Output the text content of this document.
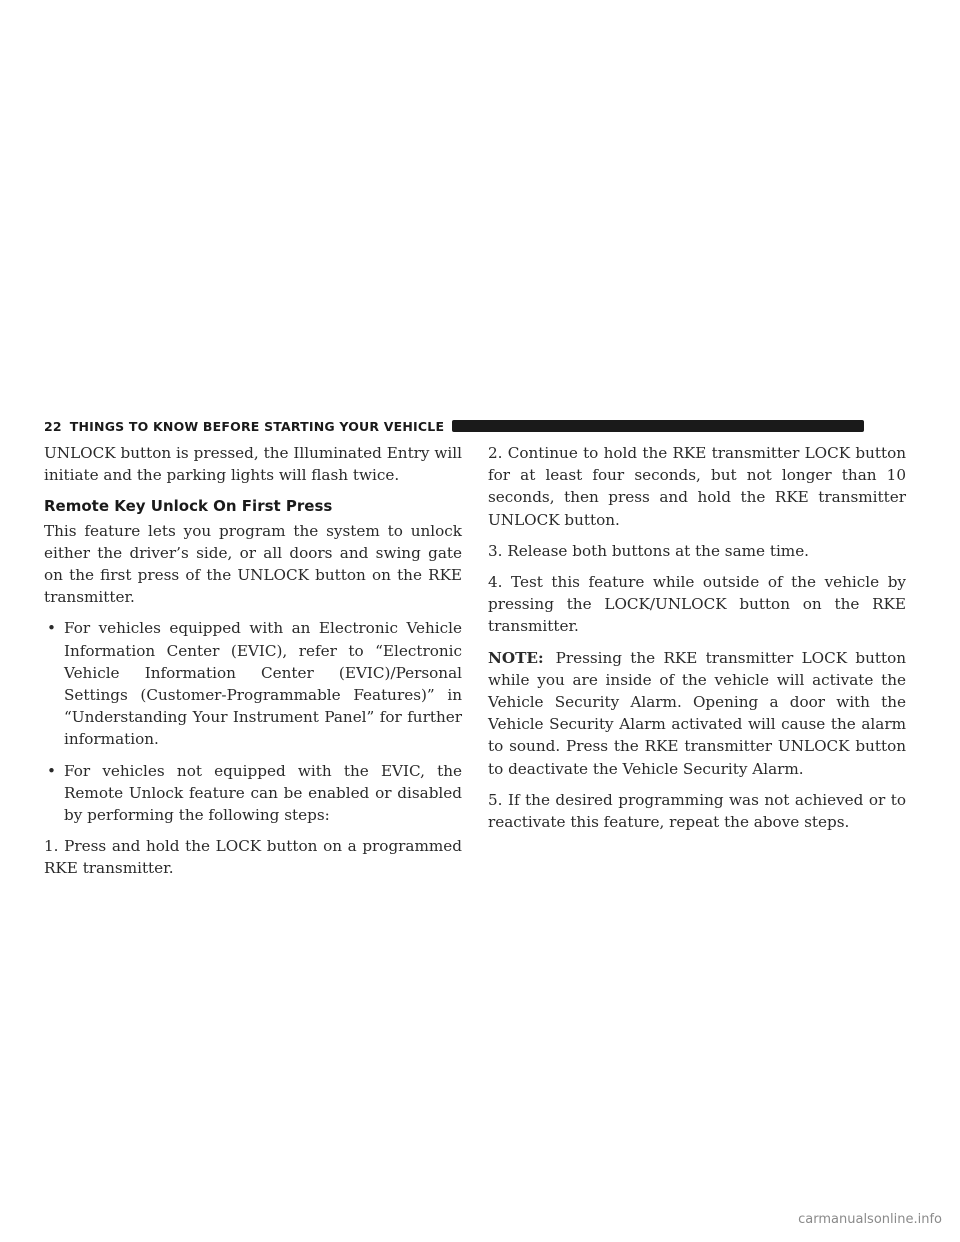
22 THINGS TO KNOW BEFORE STARTING YOUR VEHICLE

UNLOCK button is pressed, the Illuminated Entry will initiate and the parking lights will flash twice.

Remote Key Unlock On First Press

This feature lets you program the system to unlock either the driver’s side, or all doors and swing gate on the first press of the UNLOCK button on the RKE transmitter.

• For vehicles equipped with an Electronic Vehicle Information Center (EVIC), refer to “Electronic Vehicle Information Center (EVIC)/Personal Settings (Customer-Programmable Features)” in “Understanding Your Instrument Panel” for further information.
• For vehicles not equipped with the EVIC, the Remote Unlock feature can be enabled or disabled by performing the following steps:

1. Press and hold the LOCK button on a programmed RKE transmitter.

2. Continue to hold the RKE transmitter LOCK button for at least four seconds, but not longer than 10 seconds, then press and hold the RKE transmitter UNLOCK button.

3. Release both buttons at the same time.

4. Test this feature while outside of the vehicle by pressing the LOCK/UNLOCK button on the RKE transmitter.

NOTE: Pressing the RKE transmitter LOCK button while you are inside of the vehicle will activate the Vehicle Security Alarm. Opening a door with the Vehicle Security Alarm activated will cause the alarm to sound. Press the RKE transmitter UNLOCK button to deactivate the Vehicle Security Alarm.

5. If the desired programming was not achieved or to reactivate this feature, repeat the above steps.

carmanualsonline.info
